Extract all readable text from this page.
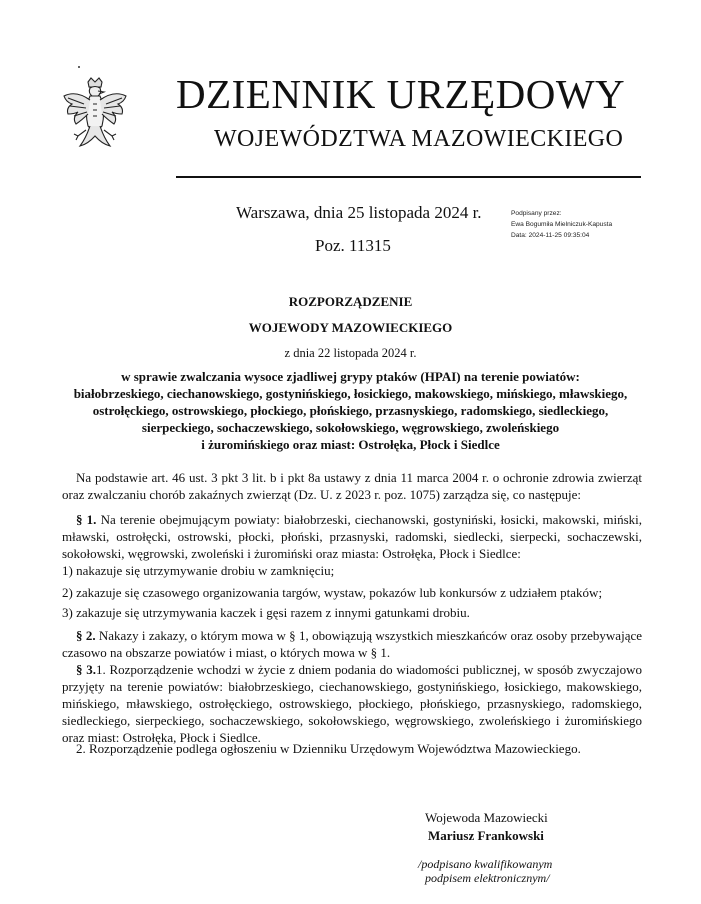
DZIENNIK URZĘDOWY
WOJEWÓDZTWA MAZOWIECKIEGO
Warszawa, dnia 25 listopada 2024 r.
Poz. 11315
Podpisany przez:
Ewa Bogumiła Mielniczuk-Kapusta
Data: 2024-11-25 09:35:04
ROZPORZĄDZENIE
WOJEWODY MAZOWIECKIEGO
z dnia 22 listopada 2024 r.
w sprawie zwalczania wysoce zjadliwej grypy ptaków (HPAI) na terenie powiatów:
białobrzeskiego, ciechanowskiego, gostynińskiego, łosickiego, makowskiego, mińskiego, mławskiego,
ostrołęckiego, ostrowskiego, płockiego, płońskiego, przasnyskiego, radomskiego, siedleckiego,
sierpeckiego, sochaczewskiego, sokołowskiego, węgrowskiego, zwoleńskiego
i żuromińskiego oraz miast: Ostrołęka, Płock i Siedlce
Na podstawie art. 46 ust. 3 pkt 3 lit. b i pkt 8a ustawy z dnia 11 marca 2004 r. o ochronie zdrowia zwierząt oraz zwalczaniu chorób zakaźnych zwierząt (Dz. U. z 2023 r. poz. 1075) zarządza się, co następuje:
§ 1. Na terenie obejmującym powiaty: białobrzeski, ciechanowski, gostyniński, łosicki, makowski, miński, mławski, ostrołęcki, ostrowski, płocki, płoński, przasnyski, radomski, siedlecki, sierpecki, sochaczewski, sokołowski, węgrowski, zwoleński i żuromiński oraz miasta: Ostrołęka, Płock i Siedlce:
1) nakazuje się utrzymywanie drobiu w zamknięciu;
2) zakazuje się czasowego organizowania targów, wystaw, pokazów lub konkursów z udziałem ptaków;
3) zakazuje się utrzymywania kaczek i gęsi razem z innymi gatunkami drobiu.
§ 2. Nakazy i zakazy, o którym mowa w § 1, obowiązują wszystkich mieszkańców oraz osoby przebywające czasowo na obszarze powiatów i miast, o których mowa w § 1.
§ 3.1. Rozporządzenie wchodzi w życie z dniem podania do wiadomości publicznej, w sposób zwyczajowo przyjęty na terenie powiatów: białobrzeskiego, ciechanowskiego, gostynińskiego, łosickiego, makowskiego, mińskiego, mławskiego, ostrołęckiego, ostrowskiego, płockiego, płońskiego, przasnyskiego, radomskiego, siedleckiego, sierpeckiego, sochaczewskiego, sokołowskiego, węgrowskiego, zwoleńskiego i żuromińskiego oraz miast: Ostrołęka, Płock i Siedlce.
2. Rozporządzenie podlega ogłoszeniu w Dzienniku Urzędowym Województwa Mazowieckiego.
Wojewoda Mazowiecki
Mariusz Frankowski
/podpisano kwalifikowanym
podpisem elektronicznym/
